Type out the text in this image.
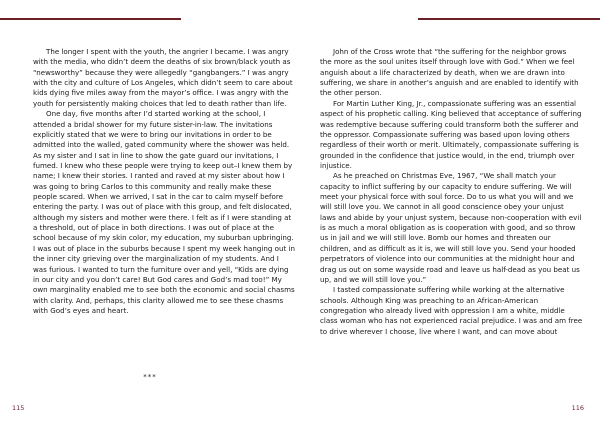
The longer I spent with the youth, the angrier I became. I was angry
with the media, who didn’t deem the deaths of six brown/black youth as
“newsworthy” because they were allegedly “gangbangers.” I was angry
with the city and culture of Los Angeles, which didn’t seem to care about
kids dying five miles away from the mayor’s office. I was angry with the
youth for persistently making choices that led to death rather than life.

One day, five months after I’d started working at the school, I
attended a bridal shower for my future sister-in-law. The invitations
explicitly stated that we were to bring our invitations in order to be
admitted into the walled, gated community where the shower was held.
As my sister and I sat in line to show the gate guard our invitations, I
fumed. I knew who these people were trying to keep out–I knew them by
name; I knew their stories. I ranted and raved at my sister about how I
was going to bring Carlos to this community and really make these
people scared. When we arrived, I sat in the car to calm myself before
entering the party. I was out of place with this group, and felt dislocated,
although my sisters and mother were there. I felt as if I were standing at
a threshold, out of place in both directions. I was out of place at the
school because of my skin color, my education, my suburban upbringing.
I was out of place in the suburbs because I spent my week hanging out in
the inner city grieving over the marginalization of my students. And I
was furious. I wanted to turn the furniture over and yell, “Kids are dying
in our city and you don’t care! But God cares and God’s mad too!” My
own marginality enabled me to see both the economic and social chasms
with clarity. And, perhaps, this clarity allowed me to see these chasms
with God’s eyes and heart.

***
115

John of the Cross wrote that “the suffering for the neighbor grows
the more as the soul unites itself through love with God.” When we feel
anguish about a life characterized by death, when we are drawn into
suffering, we share in another’s anguish and are enabled to identify with
the other person.

For Martin Luther King, Jr., compassionate suffering was an essential
aspect of his prophetic calling. King believed that acceptance of suffering
was redemptive because suffering could transform both the sufferer and
the oppressor. Compassionate suffering was based upon loving others
regardless of their worth or merit. Ultimately, compassionate suffering is
grounded in the confidence that justice would, in the end, triumph over
injustice.

As he preached on Christmas Eve, 1967, “We shall match your
capacity to inflict suffering by our capacity to endure suffering. We will
meet your physical force with soul force. Do to us what you will and we
will still love you. We cannot in all good conscience obey your unjust
laws and abide by your unjust system, because non-cooperation with evil
is as much a moral obligation as is cooperation with good, and so throw
us in jail and we will still love. Bomb our homes and threaten our
children, and as difficult as it is, we will still love you. Send your hooded
perpetrators of violence into our communities at the midnight hour and
drag us out on some wayside road and leave us half-dead as you beat us
up, and we will still love you.”

I tasted compassionate suffering while working at the alternative
schools. Although King was preaching to an African-American
congregation who already lived with oppression I am a white, middle
class woman who has not experienced racial prejudice. I was and am free
to drive wherever I choose, live where I want, and can move about

116
